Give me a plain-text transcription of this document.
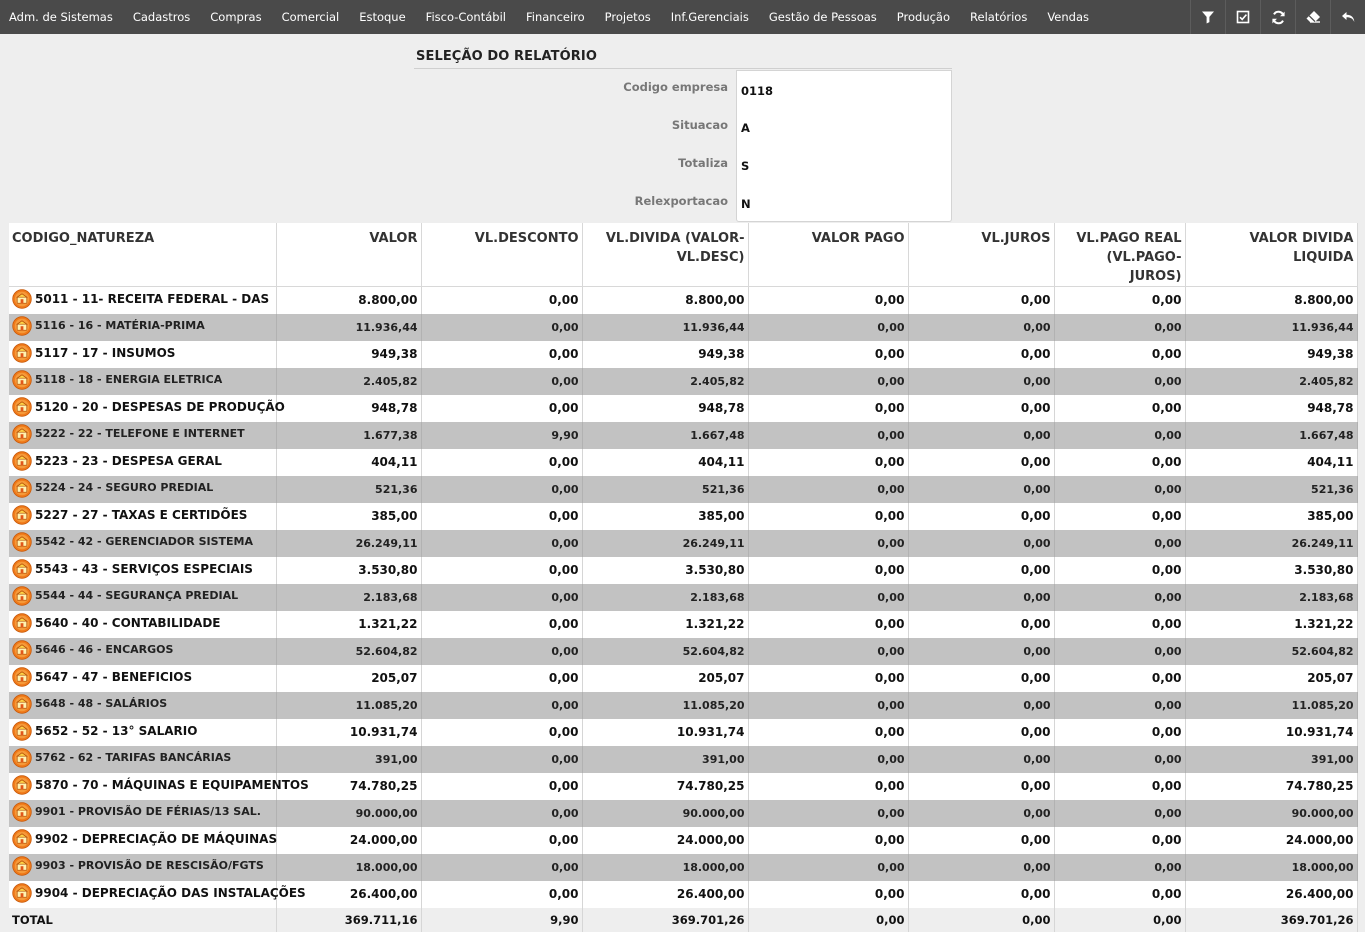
Adm. de Sistemas	Cadastros	Compras	Comercial	Estoque	Fisco-Contábil	Financeiro	Projetos	Inf.Gerenciais	Gestão de Pessoas	Produção	Relatórios	Vendas
SELEÇÃO DO RELATÓRIO
Codigo empresa	0118
Situacao	A
Totaliza	S
Relexportacao	N
CODIGO_NATUREZA	VALOR	VL.DESCONTO	VL.DIVIDA (VALOR-VL.DESC)	VALOR PAGO	VL.JUROS	VL.PAGO REAL (VL.PAGO-JUROS)	VALOR DIVIDA LIQUIDA

5011 - 11- RECEITA FEDERAL - DAS	8.800,00	0,00	8.800,00	0,00	0,00	0,00	8.800,00

5116 - 16 - MATÉRIA-PRIMA	11.936,44	0,00	11.936,44	0,00	0,00	0,00	11.936,44

5117 - 17 - INSUMOS	949,38	0,00	949,38	0,00	0,00	0,00	949,38

5118 - 18 - ENERGIA ELETRICA	2.405,82	0,00	2.405,82	0,00	0,00	0,00	2.405,82

5120 - 20 - DESPESAS DE PRODUÇÃO	948,78	0,00	948,78	0,00	0,00	0,00	948,78

5222 - 22 - TELEFONE E INTERNET	1.677,38	9,90	1.667,48	0,00	0,00	0,00	1.667,48

5223 - 23 - DESPESA GERAL	404,11	0,00	404,11	0,00	0,00	0,00	404,11

5224 - 24 - SEGURO PREDIAL	521,36	0,00	521,36	0,00	0,00	0,00	521,36

5227 - 27 - TAXAS E CERTIDÕES	385,00	0,00	385,00	0,00	0,00	0,00	385,00

5542 - 42 - GERENCIADOR SISTEMA	26.249,11	0,00	26.249,11	0,00	0,00	0,00	26.249,11

5543 - 43 - SERVIÇOS ESPECIAIS	3.530,80	0,00	3.530,80	0,00	0,00	0,00	3.530,80

5544 - 44 - SEGURANÇA PREDIAL	2.183,68	0,00	2.183,68	0,00	0,00	0,00	2.183,68

5640 - 40 - CONTABILIDADE	1.321,22	0,00	1.321,22	0,00	0,00	0,00	1.321,22

5646 - 46 - ENCARGOS	52.604,82	0,00	52.604,82	0,00	0,00	0,00	52.604,82

5647 - 47 - BENEFICIOS	205,07	0,00	205,07	0,00	0,00	0,00	205,07

5648 - 48 - SALÁRIOS	11.085,20	0,00	11.085,20	0,00	0,00	0,00	11.085,20

5652 - 52 - 13° SALARIO	10.931,74	0,00	10.931,74	0,00	0,00	0,00	10.931,74

5762 - 62 - TARIFAS BANCÁRIAS	391,00	0,00	391,00	0,00	0,00	0,00	391,00

5870 - 70 - MÁQUINAS E EQUIPAMENTOS	74.780,25	0,00	74.780,25	0,00	0,00	0,00	74.780,25

9901 - PROVISÃO DE FÉRIAS/13 SAL.	90.000,00	0,00	90.000,00	0,00	0,00	0,00	90.000,00

9902 - DEPRECIAÇÃO DE MÁQUINAS	24.000,00	0,00	24.000,00	0,00	0,00	0,00	24.000,00

9903 - PROVISÃO DE RESCISÃO/FGTS	18.000,00	0,00	18.000,00	0,00	0,00	0,00	18.000,00

9904 - DEPRECIAÇÃO DAS INSTALAÇÕES	26.400,00	0,00	26.400,00	0,00	0,00	0,00	26.400,00
TOTAL	369.711,16	9,90	369.701,26	0,00	0,00	0,00	369.701,26
